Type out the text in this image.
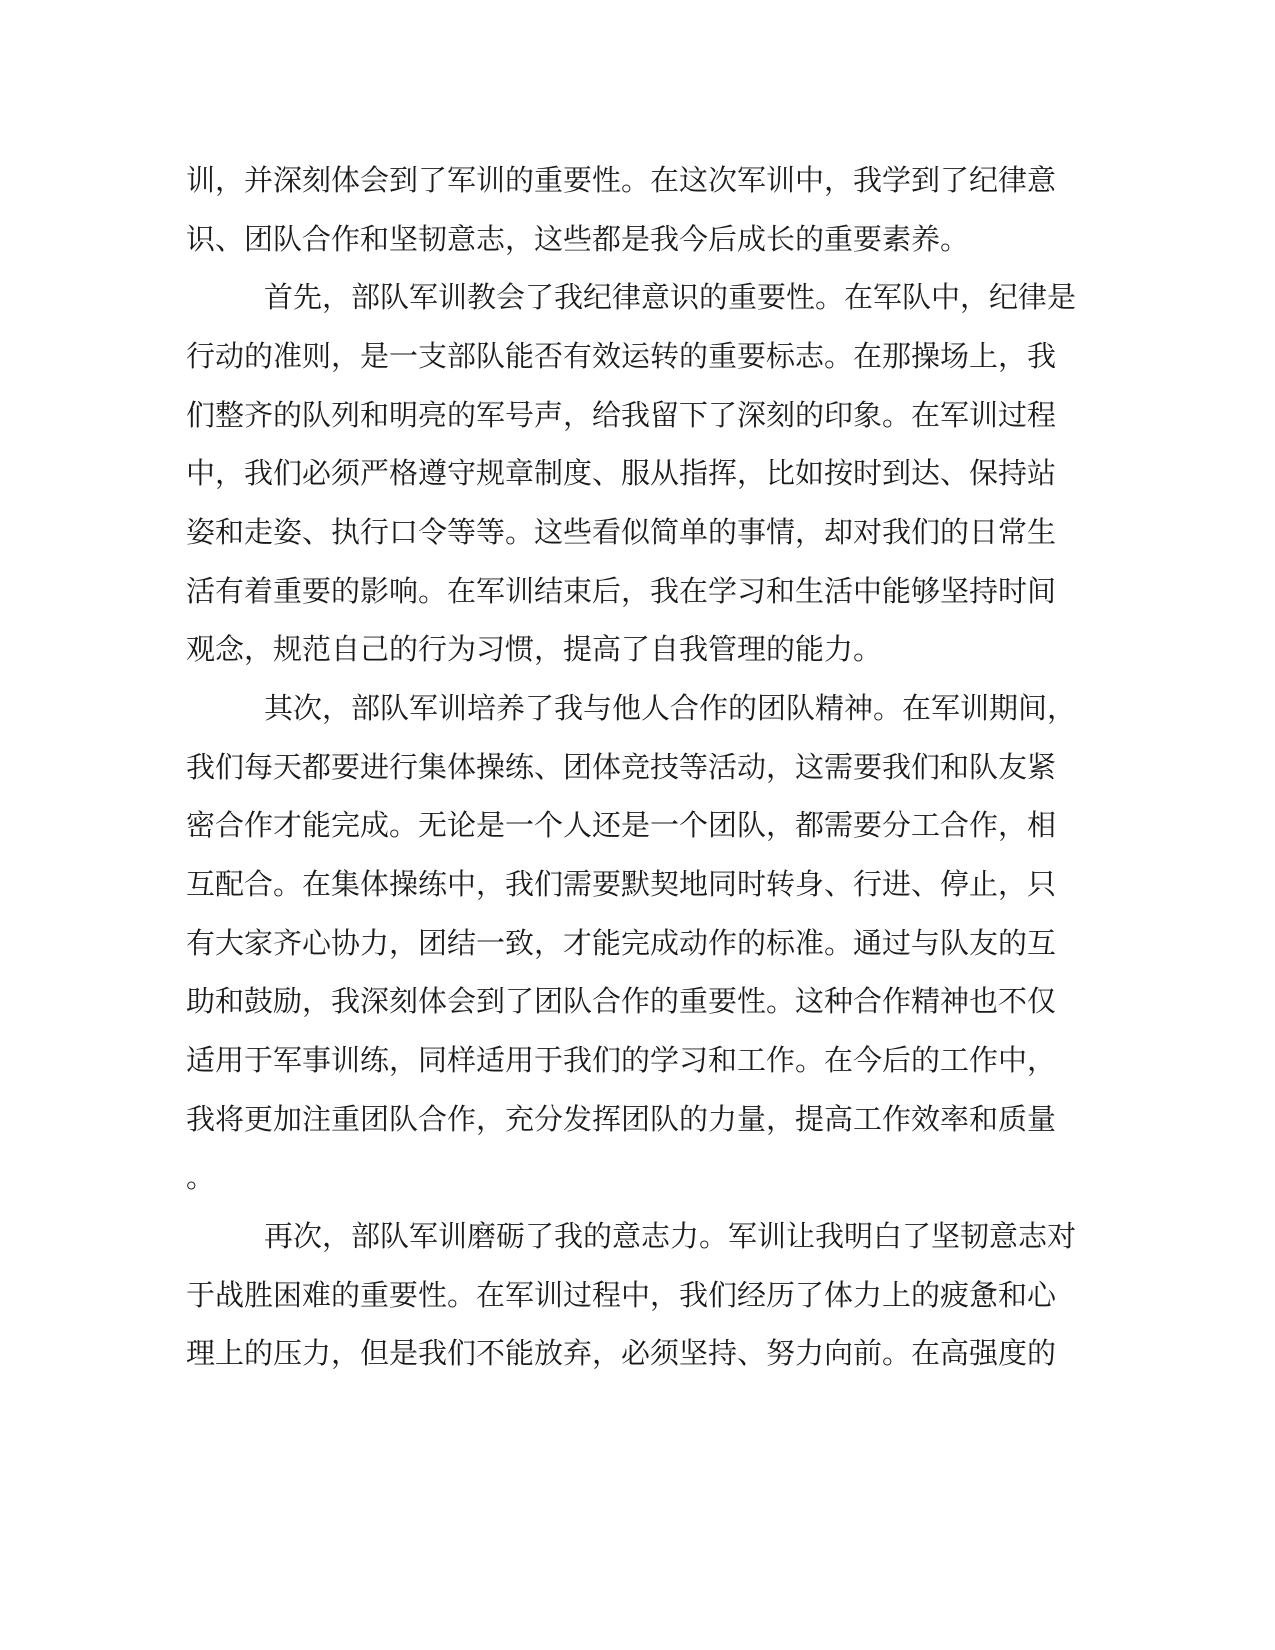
训，并深刻体会到了军训的重要性。在这次军训中，我学到了纪律意
识、团队合作和坚韧意志，这些都是我今后成长的重要素养。
首先，部队军训教会了我纪律意识的重要性。在军队中，纪律是
行动的准则，是一支部队能否有效运转的重要标志。在那操场上，我
们整齐的队列和明亮的军号声，给我留下了深刻的印象。在军训过程
中，我们必须严格遵守规章制度、服从指挥，比如按时到达、保持站
姿和走姿、执行口令等等。这些看似简单的事情，却对我们的日常生
活有着重要的影响。在军训结束后，我在学习和生活中能够坚持时间
观念，规范自己的行为习惯，提高了自我管理的能力。
其次，部队军训培养了我与他人合作的团队精神。在军训期间，
我们每天都要进行集体操练、团体竞技等活动，这需要我们和队友紧
密合作才能完成。无论是一个人还是一个团队，都需要分工合作，相
互配合。在集体操练中，我们需要默契地同时转身、行进、停止，只
有大家齐心协力，团结一致，才能完成动作的标准。通过与队友的互
助和鼓励，我深刻体会到了团队合作的重要性。这种合作精神也不仅
适用于军事训练，同样适用于我们的学习和工作。在今后的工作中，
我将更加注重团队合作，充分发挥团队的力量，提高工作效率和质量
。
再次，部队军训磨砺了我的意志力。军训让我明白了坚韧意志对
于战胜困难的重要性。在军训过程中，我们经历了体力上的疲惫和心
理上的压力，但是我们不能放弃，必须坚持、努力向前。在高强度的
